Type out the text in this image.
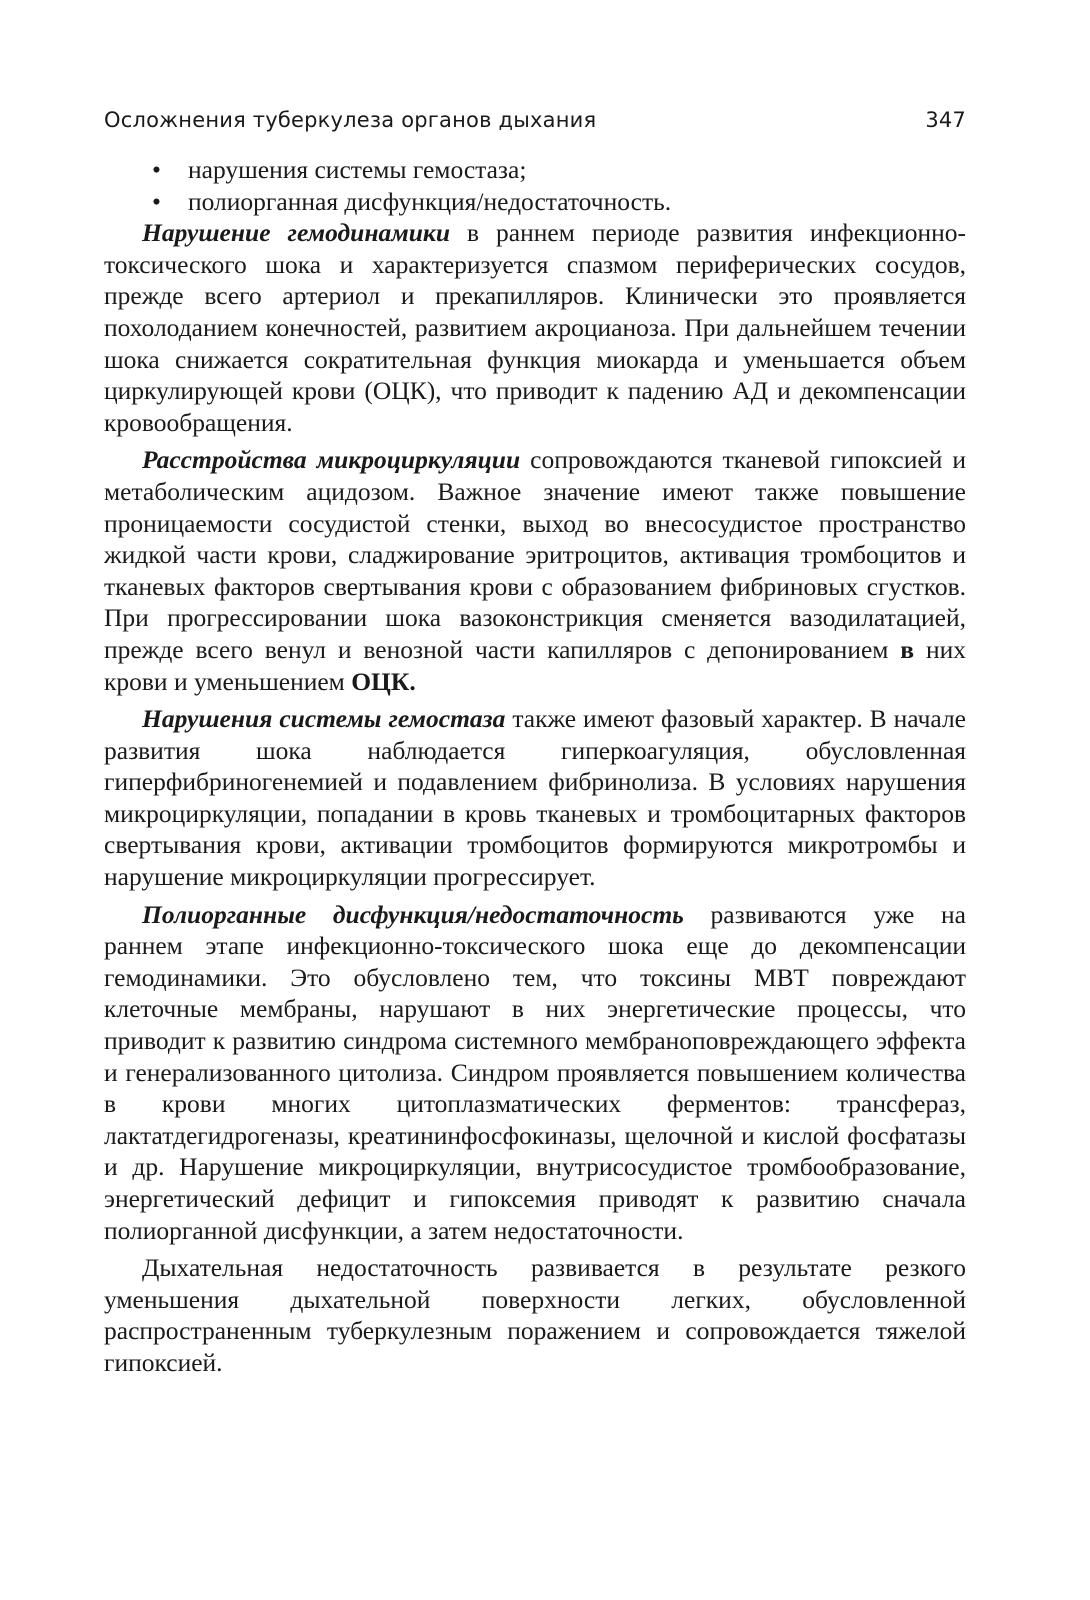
Осложнения туберкулеза органов дыхания	347
• нарушения системы гемостаза;
• полиорганная дисфункция/недостаточность.

Нарушение гемодинамики в раннем периоде развития инфекционно-токсического шока и характеризуется спазмом периферических сосудов, прежде всего артериол и прекапилляров. Клинически это проявляется похолоданием конечностей, развитием акроцианоза. При дальнейшем течении шока снижается сократительная функция миокарда и уменьшается объем циркулирующей крови (ОЦК), что приводит к падению АД и декомпенсации кровообращения.

Расстройства микроциркуляции сопровождаются тканевой гипоксией и метаболическим ацидозом. Важное значение имеют также повышение проницаемости сосудистой стенки, выход во внесосудистое пространство жидкой части крови, сладжирование эритроцитов, активация тромбоцитов и тканевых факторов свертывания крови с образованием фибриновых сгустков. При прогрессировании шока вазоконстрикция сменяется вазодилатацией, прежде всего венул и венозной части капилляров с депонированием в них крови и уменьшением ОЦК.

Нарушения системы гемостаза также имеют фазовый характер. В начале развития шока наблюдается гиперкоагуляция, обусловленная гиперфибриногенемией и подавлением фибринолиза. В условиях нарушения микроциркуляции, попадании в кровь тканевых и тромбоцитарных факторов свертывания крови, активации тромбоцитов формируются микротромбы и нарушение микроциркуляции прогрессирует.

Полиорганные дисфункция/недостаточность развиваются уже на раннем этапе инфекционно-токсического шока еще до декомпенсации гемодинамики. Это обусловлено тем, что токсины МВТ повреждают клеточные мембраны, нарушают в них энергетические процессы, что приводит к развитию синдрома системного мембраноповреждающего эффекта и генерализованного цитолиза. Синдром проявляется повышением количества в крови многих цитоплазматических ферментов: трансфераз, лактатдегидрогеназы, креатининфосфокиназы, щелочной и кислой фосфатазы и др. Нарушение микроциркуляции, внутрисосудистое тромбообразование, энергетический дефицит и гипоксемия приводят к развитию сначала полиорганной дисфункции, а затем недостаточности.

Дыхательная недостаточность развивается в результате резкого уменьшения дыхательной поверхности легких, обусловленной распространенным туберкулезным поражением и сопровождается тяжелой гипоксией.
